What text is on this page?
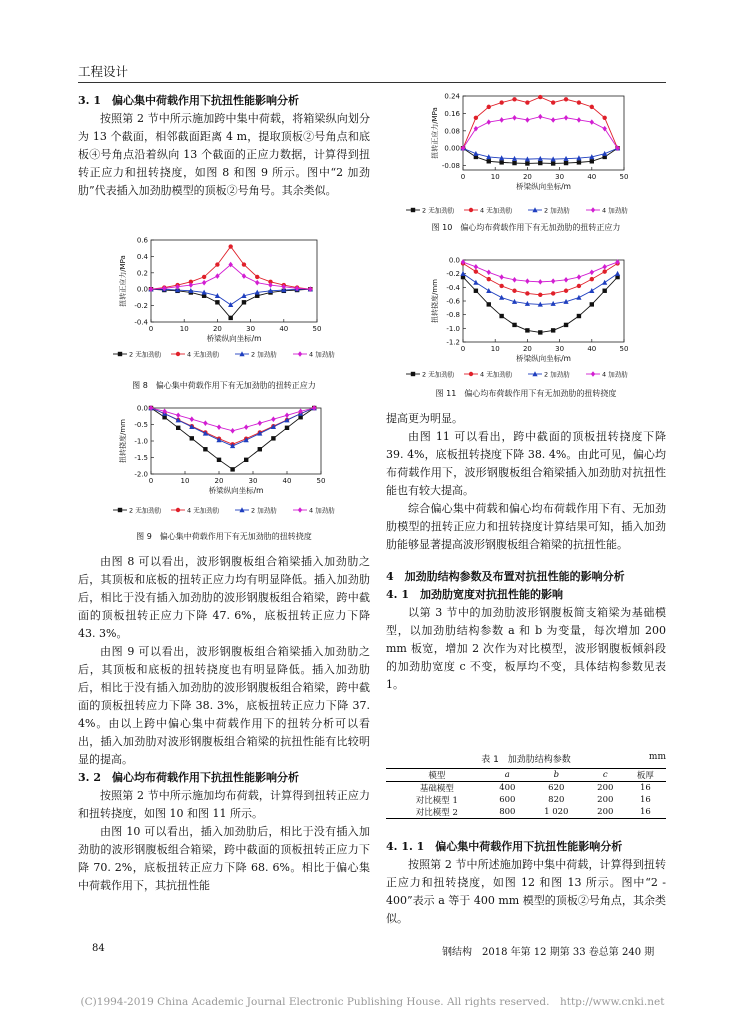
工程设计
3. 1　偏心集中荷载作用下抗扭性能影响分析

按照第 2 节中所示施加跨中集中荷载，将箱梁纵向划分为 13 个截面，相邻截面距离 4 m，提取顶板②号角点和底板④号角点沿着纵向 13 个截面的正应力数据，计算得到扭转正应力和扭转挠度，如图 8 和图 9 所示。图中“2 加劲肋”代表插入加劲肋模型的顶板②号角号。其余类似。

0	10	20	30	40	50
-0.4
-0.2
0.0
0.2
0.4
0.6
桥梁纵向坐标/m
扭转正应力/MPa
2 无加劲肋	4 无加劲肋	2 加劲肋	4 加劲肋
图 8　偏心集中荷载作用下有无加劲肋的扭转正应力
0	10	20	30	40	50
0.0
-0.5
-1.0
-1.5
-2.0
桥梁纵向坐标/m
扭转挠度/mm
2 无加劲肋	4 无加劲肋	2 加劲肋	4 加劲肋
图 9　偏心集中荷载作用下有无加劲肋的扭转挠度

由图 8 可以看出，波形钢腹板组合箱梁插入加劲肋之后，其顶板和底板的扭转正应力均有明显降低。插入加劲肋后，相比于没有插入加劲肋的波形钢腹板组合箱梁，跨中截面的顶板扭转正应力下降 47. 6%，底板扭转正应力下降 43. 3%。

由图 9 可以看出，波形钢腹板组合箱梁插入加劲肋之后，其顶板和底板的扭转挠度也有明显降低。插入加劲肋后，相比于没有插入加劲肋的波形钢腹板组合箱梁，跨中截面的顶板扭转应力下降 38. 3%，底板扭转正应力下降 37. 4%。由以上跨中偏心集中荷载作用下的扭转分析可以看出，插入加劲肋对波形钢腹板组合箱梁的抗扭性能有比较明显的提高。

3. 2　偏心均布荷载作用下抗扭性能影响分析

按照第 2 节中所示施加均布荷载，计算得到扭转正应力和扭转挠度，如图 10 和图 11 所示。

由图 10 可以看出，插入加劲肋后，相比于没有插入加劲肋的波形钢腹板组合箱梁，跨中截面的顶板扭转正应力下降 70. 2%，底板扭转正应力下降 68. 6%。相比于偏心集中荷载作用下，其抗扭性能

0	10	20	30	40	50
-0.08
0.00
0.08
0.16
0.24
桥梁纵向坐标/m
扭转正应力/MPa
2 无加劲肋	4 无加劲肋	2 加劲肋	4 加劲肋
图 10　偏心均布荷载作用下有无加劲肋的扭转正应力
0	10	20	30	40	50
0.0
-0.2
-0.4
-0.6
-0.8
-1.0
-1.2
桥梁纵向坐标/m
扭转挠度/mm
2 无加劲肋	4 无加劲肋	2 加劲肋	4 加劲肋
图 11　偏心均布荷载作用下有无加劲肋的扭转挠度
提高更为明显。

由图 11 可以看出，跨中截面的顶板扭转挠度下降 39. 4%，底板扭转挠度下降 38. 4%。由此可见，偏心均布荷载作用下，波形钢腹板组合箱梁插入加劲肋对抗扭性能也有较大提高。

综合偏心集中荷载和偏心均布荷载作用下有、无加劲肋模型的扭转正应力和扭转挠度计算结果可知，插入加劲肋能够显著提高波形钢腹板组合箱梁的抗扭性能。

4　加劲肋结构参数及布置对抗扭性能的影响分析
4. 1　加劲肋宽度对抗扭性能的影响

以第 3 节中的加劲肋波形钢腹板简支箱梁为基础模型，以加劲肋结构参数 a 和 b 为变量，每次增加 200 mm 板宽，增加 2 次作为对比模型，波形钢腹板倾斜段的加劲肋宽度 c 不变，板厚均不变，具体结构参数见表 1。

表 1　加劲肋结构参数	mm
模型	a	b	c	板厚
基础模型	400	620	200	16
对比模型 1	600	820	200	16
对比模型 2	800	1 020	200	16
4. 1. 1　偏心集中荷载作用下抗扭性能影响分析

按照第 2 节中所述施加跨中集中荷载，计算得到扭转正应力和扭转挠度，如图 12 和图 13 所示。图中“2 - 400”表示 a 等于 400 mm 模型的顶板②号角点，其余类似。

84	钢结构　2018 年第 12 期第 33 卷总第 240 期
(C)1994-2019 China Academic Journal Electronic Publishing House. All rights reserved.　http://www.cnki.net
